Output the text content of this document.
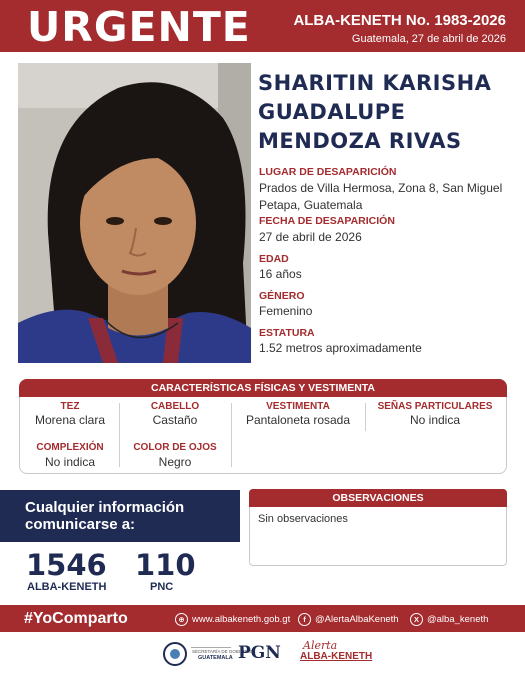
URGENTE	ALBA-KENETH No. 1983-2026
Guatemala, 27 de abril de 2026
SHARITIN KARISHA
GUADALUPE
MENDOZA RIVAS
LUGAR DE DESAPARICIÓN
Prados de Villa Hermosa, Zona 8, San Miguel Petapa, Guatemala
FECHA DE DESAPARICIÓN
27 de abril de 2026
EDAD
16 años
GÉNERO
Femenino
ESTATURA
1.52 metros aproximadamente
CARACTERÍSTICAS FÍSICAS Y VESTIMENTA
TEZ
Morena clara
CABELLO
Castaño
VESTIMENTA
Pantaloneta rosada
SEÑAS PARTICULARES
No indica
COMPLEXIÓN
No indica
COLOR DE OJOS
Negro
Cualquier información
comunicarse a:
1546
ALBA-KENETH
110
PNC
OBSERVACIONES
Sin observaciones
#YoComparto	⊕ www.albakeneth.gob.gt	f @AlertaAlbaKeneth	X @alba_keneth
SECRETARÍA DE GOBIERNO
GUATEMALA PGN Alerta
ALBA-KENETH
